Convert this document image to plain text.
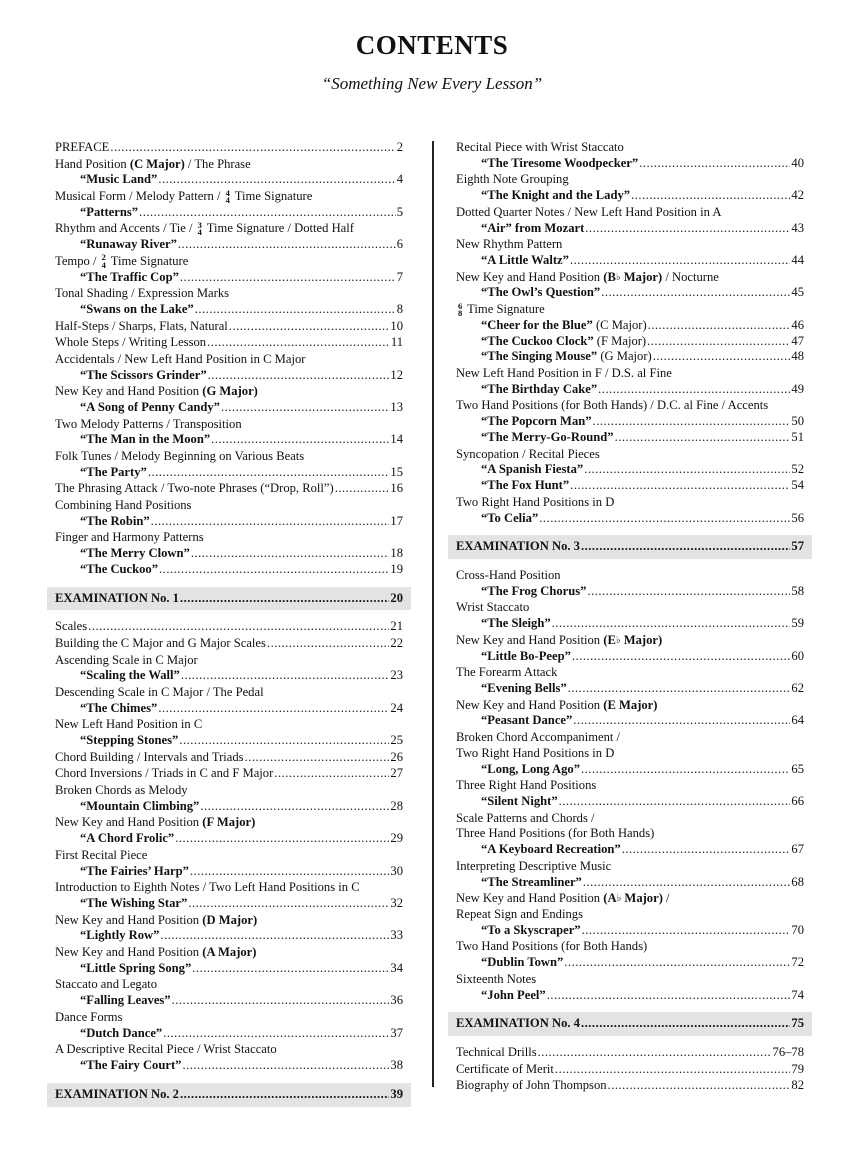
CONTENTS
“Something New Every Lesson”
PREFACE .....	2
Hand Position (C Major) / The Phrase
“Music Land” .....	4
Musical Form / Melody Pattern / 4
4 Time Signature
“Patterns” .....	5
Rhythm and Accents / Tie / 3
4 Time Signature / Dotted Half
“Runaway River” .....	6
Tempo / 2
4 Time Signature
“The Traffic Cop” .....	7
Tonal Shading / Expression Marks
“Swans on the Lake” .....	8
Half-Steps / Sharps, Flats, Natural .....	10
Whole Steps / Writing Lesson .....	11
Accidentals / New Left Hand Position in C Major
“The Scissors Grinder” .....	12
New Key and Hand Position (G Major)
“A Song of Penny Candy” .....	13
Two Melody Patterns / Transposition
“The Man in the Moon” .....	14
Folk Tunes / Melody Beginning on Various Beats
“The Party” .....	15
The Phrasing Attack / Two-note Phrases (“Drop, Roll”) .....	16
Combining Hand Positions
“The Robin” .....	17
Finger and Harmony Patterns
“The Merry Clown” .....	18
“The Cuckoo” .....	19
EXAMINATION No. 1 .....	20
Scales .....	21
Building the C Major and G Major Scales .....	22
Ascending Scale in C Major
“Scaling the Wall” .....	23
Descending Scale in C Major / The Pedal
“The Chimes” .....	24
New Left Hand Position in C
“Stepping Stones” .....	25
Chord Building / Intervals and Triads .....	26
Chord Inversions / Triads in C and F Major .....	27
Broken Chords as Melody
“Mountain Climbing” .....	28
New Key and Hand Position (F Major)
“A Chord Frolic” .....	29
First Recital Piece
“The Fairies’ Harp” .....	30
Introduction to Eighth Notes / Two Left Hand Positions in C
“The Wishing Star” .....	32
New Key and Hand Position (D Major)
“Lightly Row” .....	33
New Key and Hand Position (A Major)
“Little Spring Song” .....	34
Staccato and Legato
“Falling Leaves” .....	36
Dance Forms
“Dutch Dance” .....	37
A Descriptive Recital Piece / Wrist Staccato
“The Fairy Court” .....	38
EXAMINATION No. 2 .....	39
Recital Piece with Wrist Staccato
“The Tiresome Woodpecker” .....	40
Eighth Note Grouping
“The Knight and the Lady” .....	42
Dotted Quarter Notes / New Left Hand Position in A
“Air” from Mozart .....	43
New Rhythm Pattern
“A Little Waltz” .....	44
New Key and Hand Position (B♭ Major) / Nocturne
“The Owl’s Question” .....	45
6
8 Time Signature
“Cheer for the Blue” (C Major) .....	46
“The Cuckoo Clock” (F Major) .....	47
“The Singing Mouse” (G Major) .....	48
New Left Hand Position in F / D.S. al Fine
“The Birthday Cake” .....	49
Two Hand Positions (for Both Hands) / D.C. al Fine / Accents
“The Popcorn Man” .....	50
“The Merry-Go-Round” .....	51
Syncopation / Recital Pieces
“A Spanish Fiesta” .....	52
“The Fox Hunt” .....	54
Two Right Hand Positions in D
“To Celia” .....	56
EXAMINATION No. 3 .....	57
Cross-Hand Position
“The Frog Chorus” .....	58
Wrist Staccato
“The Sleigh” .....	59
New Key and Hand Position (E♭ Major)
“Little Bo-Peep” .....	60
The Forearm Attack
“Evening Bells” .....	62
New Key and Hand Position (E Major)
“Peasant Dance” .....	64
Broken Chord Accompaniment /
Two Right Hand Positions in D
“Long, Long Ago” .....	65
Three Right Hand Positions
“Silent Night” .....	66
Scale Patterns and Chords /
Three Hand Positions (for Both Hands)
“A Keyboard Recreation” .....	67
Interpreting Descriptive Music
“The Streamliner” .....	68
New Key and Hand Position (A♭ Major) /
Repeat Sign and Endings
“To a Skyscraper” .....	70
Two Hand Positions (for Both Hands)
“Dublin Town” .....	72
Sixteenth Notes
“John Peel” .....	74
EXAMINATION No. 4 .....	75
Technical Drills .....	76–78
Certificate of Merit .....	79
Biography of John Thompson .....	82
